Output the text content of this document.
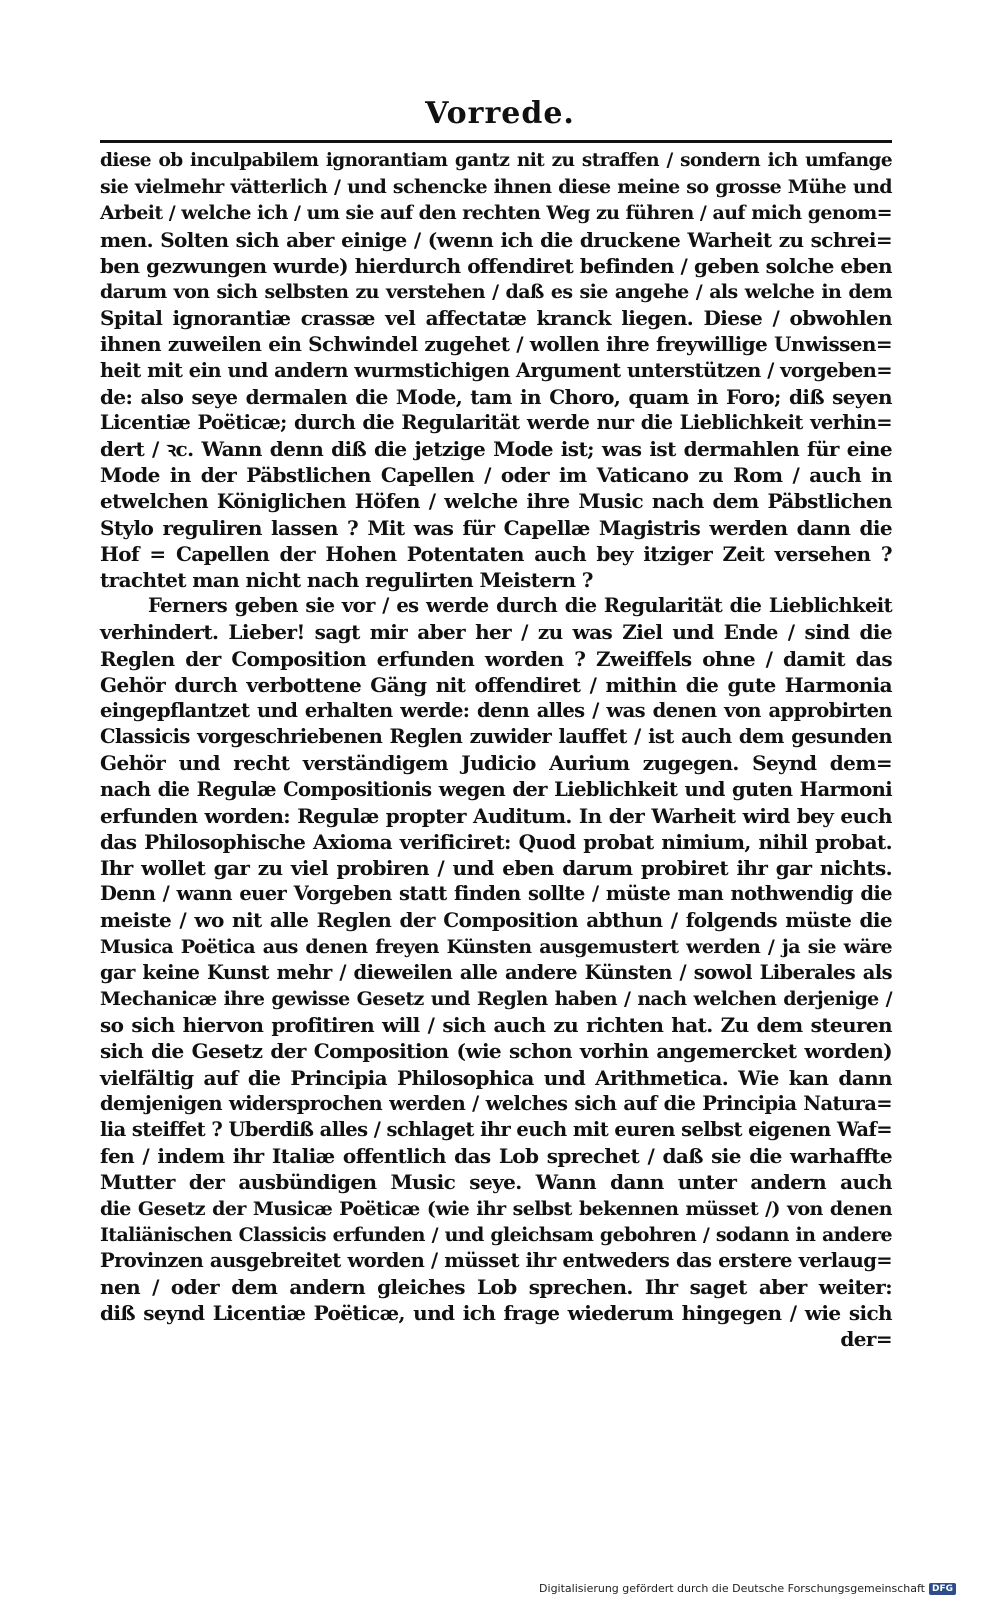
Vorrede.
diese ob inculpabilem ignorantiam gantz nit zu straffen / sondern ich umfange
sie vielmehr vätterlich / und schencke ihnen diese meine so grosse Mühe und
Arbeit / welche ich / um sie auf den rechten Weg zu führen / auf mich genom=
men. Solten sich aber einige / (wenn ich die druckene Warheit zu schrei=
ben gezwungen wurde) hierdurch offendiret befinden / geben solche eben
darum von sich selbsten zu verstehen / daß es sie angehe / als welche in dem
Spital ignorantiæ crassæ vel affectatæ kranck liegen. Diese / obwohlen
ihnen zuweilen ein Schwindel zugehet / wollen ihre freywillige Unwissen=
heit mit ein und andern wurmstichigen Argument unterstützen / vorgeben=
de: also seye dermalen die Mode, tam in Choro, quam in Foro; diß seyen
Licentiæ Poëticæ; durch die Regularität werde nur die Lieblichkeit verhin=
dert / ꝛc. Wann denn diß die jetzige Mode ist; was ist dermahlen für eine
Mode in der Päbstlichen Capellen / oder im Vaticano zu Rom / auch in
etwelchen Königlichen Höfen / welche ihre Music nach dem Päbstlichen
Stylo reguliren lassen ? Mit was für Capellæ Magistris werden dann die
Hof = Capellen der Hohen Potentaten auch bey itziger Zeit versehen ?
trachtet man nicht nach regulirten Meistern ?
Ferners geben sie vor / es werde durch die Regularität die Lieblichkeit
verhindert. Lieber! sagt mir aber her / zu was Ziel und Ende / sind die
Reglen der Composition erfunden worden ? Zweiffels ohne / damit das
Gehör durch verbottene Gäng nit offendiret / mithin die gute Harmonia
eingepflantzet und erhalten werde: denn alles / was denen von approbirten
Classicis vorgeschriebenen Reglen zuwider lauffet / ist auch dem gesunden
Gehör und recht verständigem Judicio Aurium zugegen. Seynd dem=
nach die Regulæ Compositionis wegen der Lieblichkeit und guten Harmoni
erfunden worden: Regulæ propter Auditum. In der Warheit wird bey euch
das Philosophische Axioma verificiret: Quod probat nimium, nihil probat.
Ihr wollet gar zu viel probiren / und eben darum probiret ihr gar nichts.
Denn / wann euer Vorgeben statt finden sollte / müste man nothwendig die
meiste / wo nit alle Reglen der Composition abthun / folgends müste die
Musica Poëtica aus denen freyen Künsten ausgemustert werden / ja sie wäre
gar keine Kunst mehr / dieweilen alle andere Künsten / sowol Liberales als
Mechanicæ ihre gewisse Gesetz und Reglen haben / nach welchen derjenige /
so sich hiervon profitiren will / sich auch zu richten hat. Zu dem steuren
sich die Gesetz der Composition (wie schon vorhin angemercket worden)
vielfältig auf die Principia Philosophica und Arithmetica. Wie kan dann
demjenigen widersprochen werden / welches sich auf die Principia Natura=
lia steiffet ? Uberdiß alles / schlaget ihr euch mit euren selbst eigenen Waf=
fen / indem ihr Italiæ offentlich das Lob sprechet / daß sie die warhaffte
Mutter der ausbündigen Music seye. Wann dann unter andern auch
die Gesetz der Musicæ Poëticæ (wie ihr selbst bekennen müsset /) von denen
Italiänischen Classicis erfunden / und gleichsam gebohren / sodann in andere
Provinzen ausgebreitet worden / müsset ihr entweders das erstere verlaug=
nen / oder dem andern gleiches Lob sprechen. Ihr saget aber weiter:
diß seynd Licentiæ Poëticæ, und ich frage wiederum hingegen / wie sich
der=
Digitalisierung gefördert durch die Deutsche Forschungsgemeinschaft DFG
